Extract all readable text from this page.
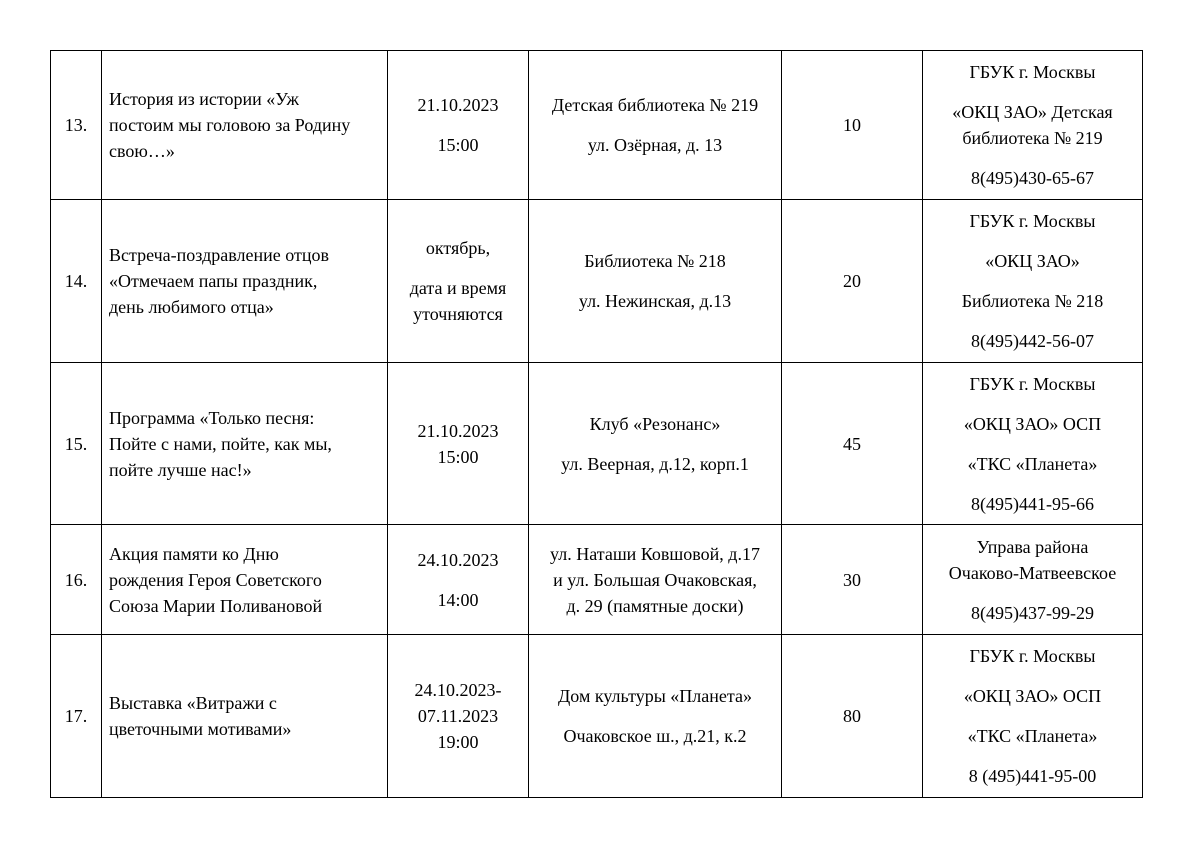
13.	История из истории «Уж
постоим мы головою за Родину
свою…»	21.10.2023
15:00	Детская библиотека № 219
ул. Озёрная, д. 13	10	ГБУК г. Москвы
«ОКЦ ЗАО» Детская
библиотека № 219
8(495)430-65-67

14.	Встреча-поздравление отцов
«Отмечаем папы праздник,
день любимого отца»	октябрь,
дата и время
уточняются	Библиотека № 218
ул. Нежинская, д.13	20	ГБУК г. Москвы
«ОКЦ ЗАО»
Библиотека № 218
8(495)442-56-07

15.	Программа «Только песня:
Пойте с нами, пойте, как мы,
пойте лучше нас!»	21.10.2023
15:00	Клуб «Резонанс»
ул. Веерная, д.12, корп.1	45	ГБУК г. Москвы
«ОКЦ ЗАО» ОСП
«ТКС «Планета»
8(495)441-95-66

16.	Акция памяти ко Дню
рождения Героя Советского
Союза Марии Поливановой	24.10.2023
14:00	ул. Наташи Ковшовой, д.17
и ул. Большая Очаковская,
д. 29 (памятные доски)	30	Управа района
Очаково-Матвеевское
8(495)437-99-29

17.	Выставка «Витражи с
цветочными мотивами»	24.10.2023-
07.11.2023
19:00	Дом культуры «Планета»
Очаковское ш., д.21, к.2	80	ГБУК г. Москвы
«ОКЦ ЗАО» ОСП
«ТКС «Планета»
8 (495)441-95-00
